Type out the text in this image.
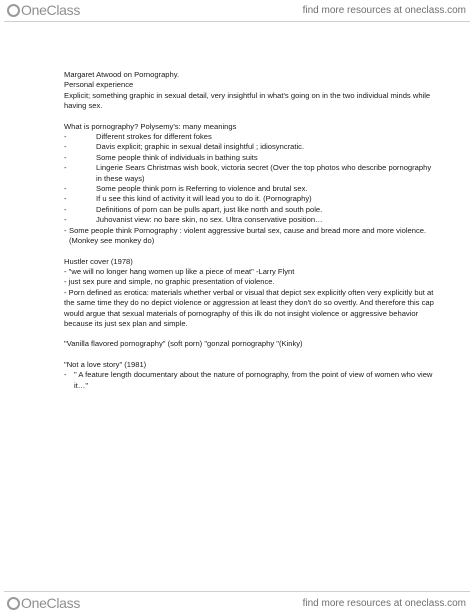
OneClass	find more resources at oneclass.com
Margaret Atwood on Pornography.
Personal experience
Explicit; something graphic in sexual detail, very insightful in what's going on in the two individual minds while having sex.
What is pornography? Polysemy's: many meanings
-	Different strokes for different fokes
-	Davis explicit; graphic in sexual detail insightful ; idiosyncratic.
-	Some people think of individuals in bathing suits
-	Lingerie Sears Christmas wish book, victoria secret (Over the top photos who describe pornography in these ways)
-	Some people think porn is Referring to violence and brutal sex.
-	If u see this kind of activity it will lead you to do it. (Pornography)
-	Definitions of porn can be pulls apart, just like north and south pole.
-	Juhovanist view: no bare skin, no sex. Ultra conservative position…
- Some people think Pornography : violent aggressive burtal sex, cause and bread more and more violence. (Monkey see monkey do)
Hustler cover (1978)
- "we will no longer hang women up like a piece of meat" -Larry Flynt
- just sex pure and simple, no graphic presentation of violence.
- Porn defined as erotica: materials whether verbal or visual that depict sex explicitly often very explicitly but at the same time they do no depict violence or aggression at least they don't do so overtly. And therefore this cap would argue that sexual materials of pornography of this ilk do not insight violence or aggressive behavior because its just sex plan and simple.
"Vanilla flavored pornography" (soft porn) "gonzal pornography "(Kinky)
"Not a love story" (1981)
- " A feature length documentary about the nature of pornography, from the point of view of women who view it…"
OneClass	find more resources at oneclass.com
